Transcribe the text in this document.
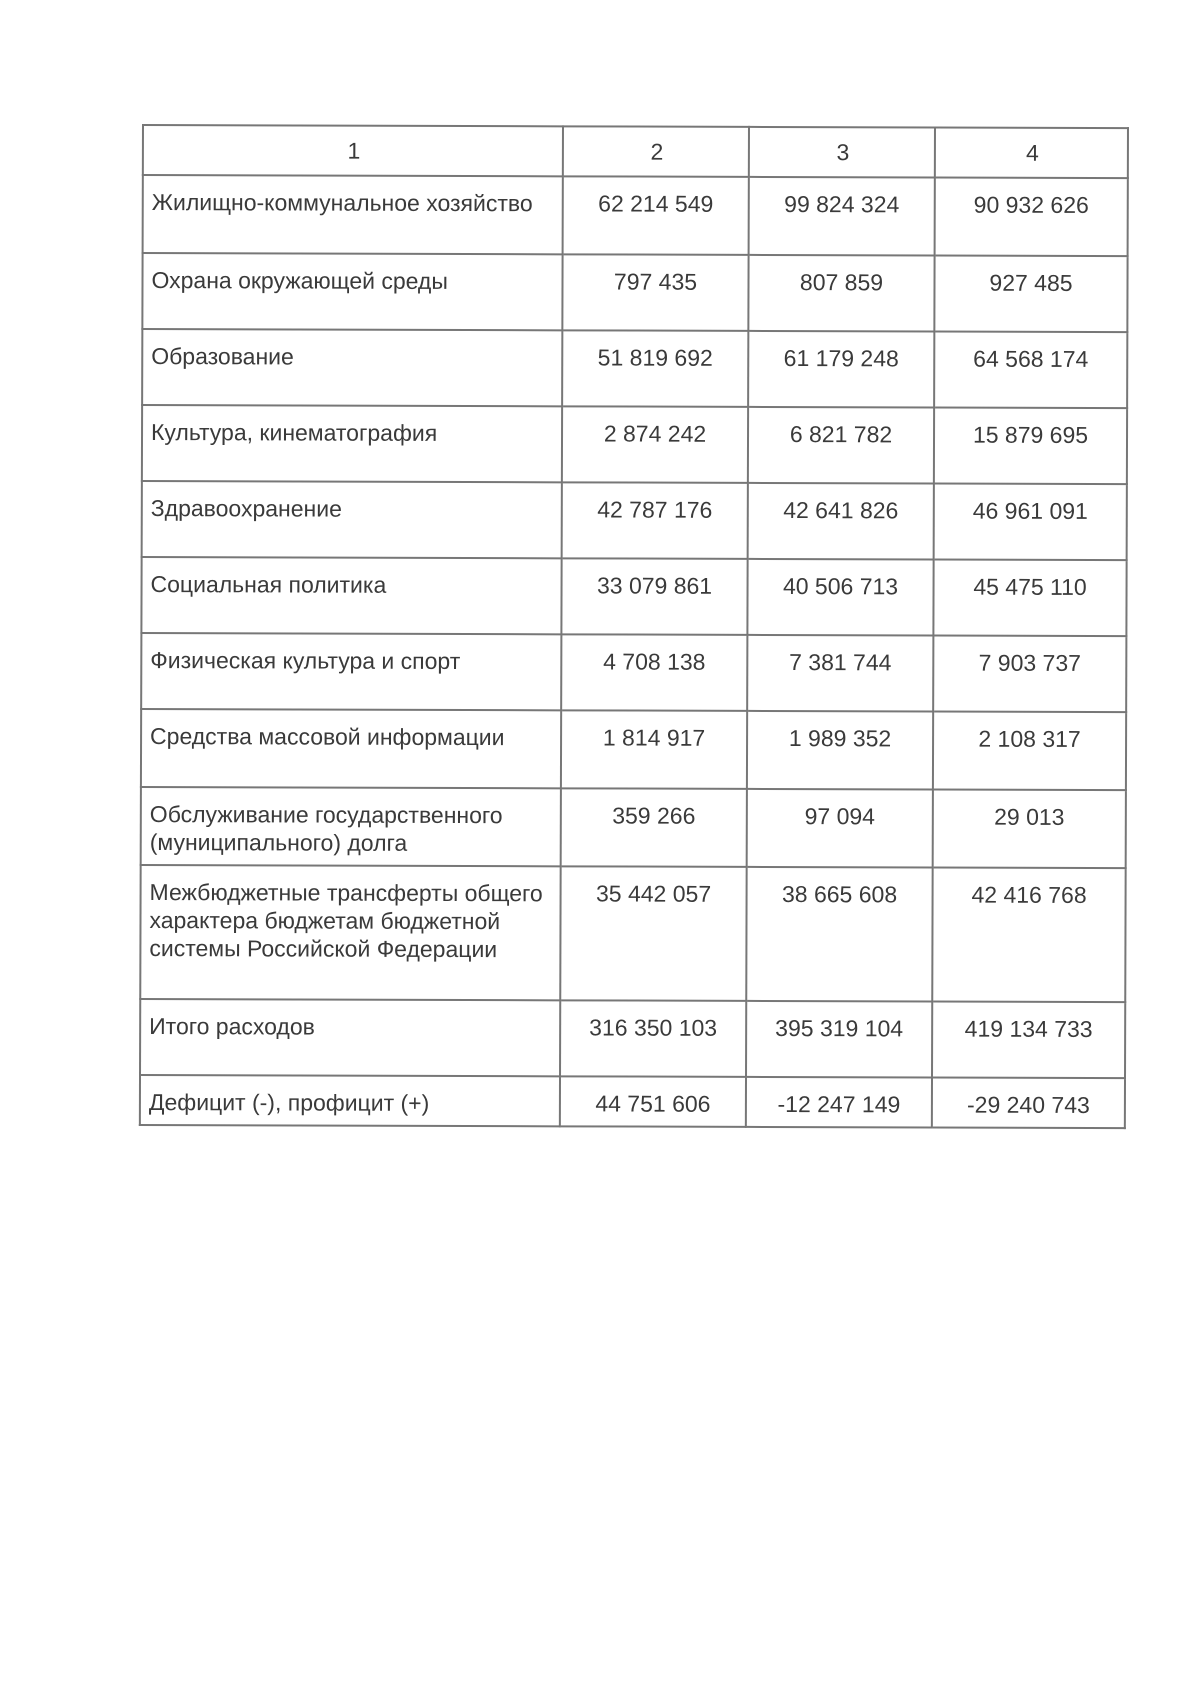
1	2	3	4
Жилищно-коммунальное хозяйство	62 214 549	99 824 324	90 932 626
Охрана окружающей среды	797 435	807 859	927 485
Образование	51 819 692	61 179 248	64 568 174
Культура, кинематография	2 874 242	6 821 782	15 879 695
Здравоохранение	42 787 176	42 641 826	46 961 091
Социальная политика	33 079 861	40 506 713	45 475 110
Физическая культура и спорт	4 708 138	7 381 744	7 903 737
Средства массовой информации	1 814 917	1 989 352	2 108 317
Обслуживание государственного (муниципального) долга	359 266	97 094	29 013
Межбюджетные трансферты общего характера бюджетам бюджетной системы Российской Федерации	35 442 057	38 665 608	42 416 768
Итого расходов	316 350 103	395 319 104	419 134 733
Дефицит (-), профицит (+)	44 751 606	-12 247 149	-29 240 743
